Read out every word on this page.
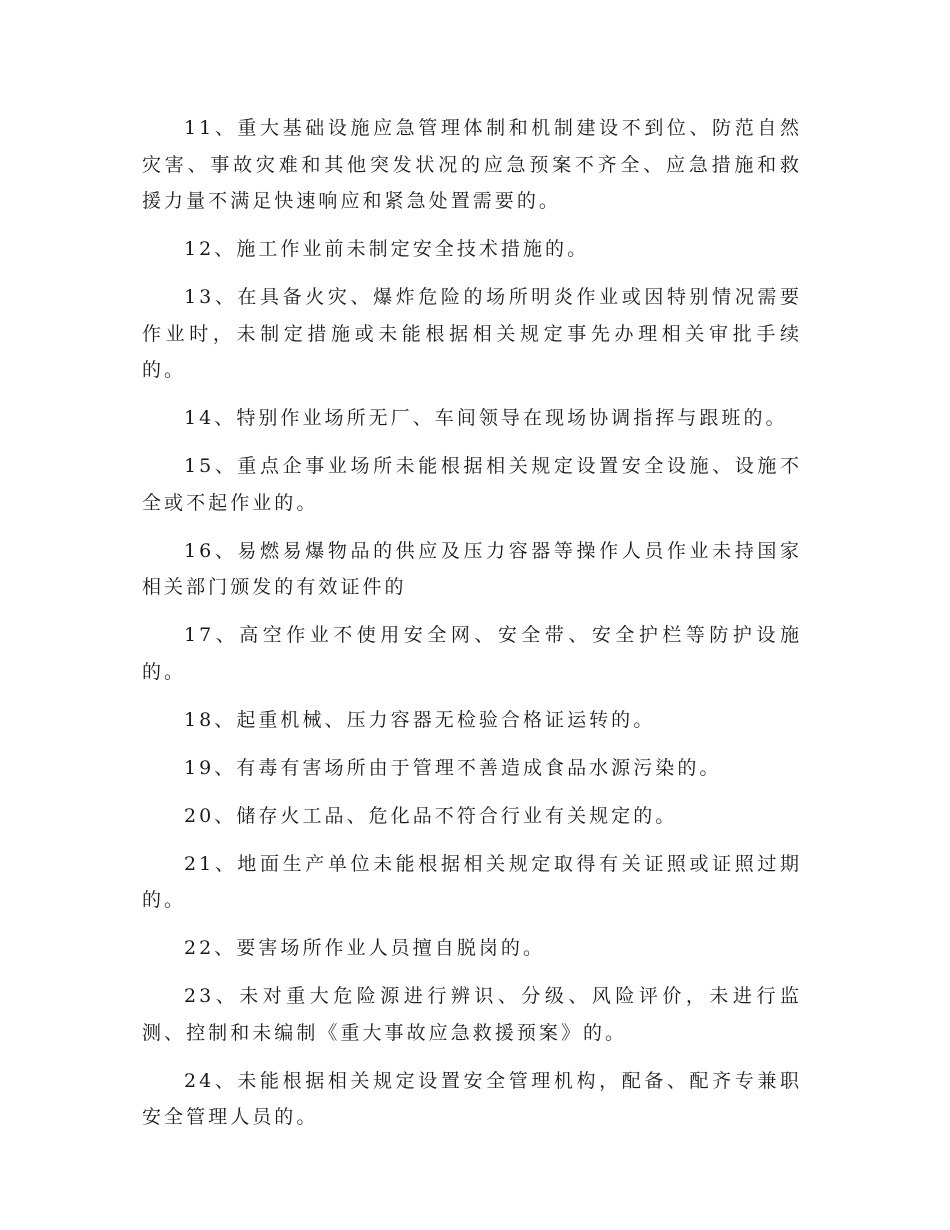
11、重大基础设施应急管理体制和机制建设不到位、防范自然灾害、事故灾难和其他突发状况的应急预案不齐全、应急措施和救援力量不满足快速响应和紧急处置需要的。

12、施工作业前未制定安全技术措施的。

13、在具备火灾、爆炸危险的场所明炎作业或因特别情况需要作业时，未制定措施或未能根据相关规定事先办理相关审批手续的。

14、特别作业场所无厂、车间领导在现场协调指挥与跟班的。

15、重点企事业场所未能根据相关规定设置安全设施、设施不全或不起作业的。

16、易燃易爆物品的供应及压力容器等操作人员作业未持国家相关部门颁发的有效证件的

17、高空作业不使用安全网、安全带、安全护栏等防护设施的。

18、起重机械、压力容器无检验合格证运转的。

19、有毒有害场所由于管理不善造成食品水源污染的。

20、储存火工品、危化品不符合行业有关规定的。

21、地面生产单位未能根据相关规定取得有关证照或证照过期的。

22、要害场所作业人员擅自脱岗的。

23、未对重大危险源进行辨识、分级、风险评价，未进行监测、控制和未编制《重大事故应急救援预案》的。

24、未能根据相关规定设置安全管理机构，配备、配齐专兼职安全管理人员的。
